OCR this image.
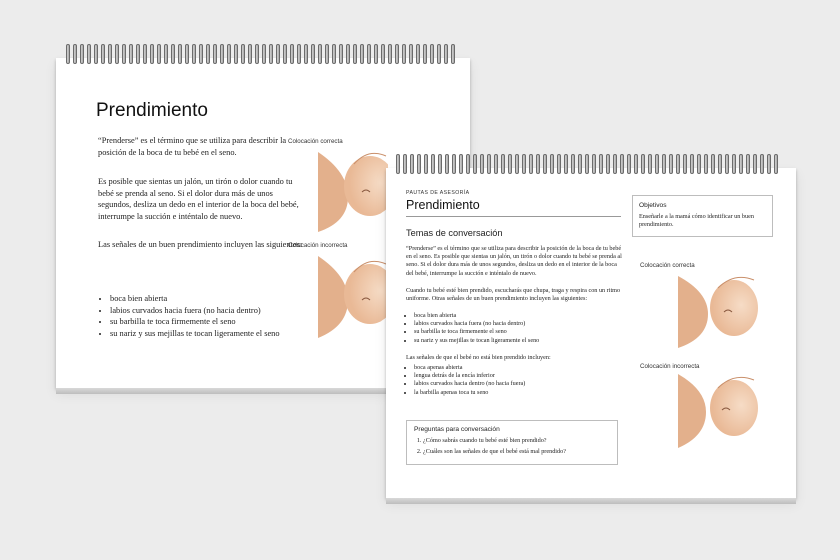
Prendimiento

“Prenderse” es el término que se utiliza para describir la posición de la boca de tu bebé en el seno.

Es posible que sientas un jalón, un tirón o dolor cuando tu bebé se prenda al seno. Si el dolor dura más de unos segundos, desliza un dedo en el interior de la boca del bebé, interrumpe la succión e inténtalo de nuevo.

Las señales de un buen prendimiento incluyen las siguientes:

• boca bien abierta
• labios curvados hacia fuera (no hacia dentro)
• su barbilla te toca firmemente el seno
• su nariz y sus mejillas te tocan ligeramente el seno
Colocación correcta
Colocación incorrecta
PAUTAS DE ASESORÍA
Prendimiento
Temas de conversación

“Prenderse” es el término que se utiliza para describir la posición de la boca de tu bebé en el seno. Es posible que sientas un jalón, un tirón o dolor cuando tu bebé se prenda al seno. Si el dolor dura más de unos segundos, desliza un dedo en el interior de la boca del bebé, interrumpe la succión e inténtalo de nuevo.

Cuando tu bebé esté bien prendido, escucharás que chupa, traga y respira con un ritmo uniforme. Otras señales de un buen prendimiento incluyen las siguientes:

• boca bien abierta
• labios curvados hacia fuera (no hacia dentro)
• su barbilla te toca firmemente el seno
• su nariz y sus mejillas te tocan ligeramente el seno

Las señales de que el bebé no está bien prendido incluyen:

• boca apenas abierta
• lengua detrás de la encía inferior
• labios curvados hacia dentro (no hacia fuera)
• la barbilla apenas toca tu seno
Objetivos
Enseñarle a la mamá cómo identificar un buen prendimiento.
Preguntas para conversación
1. ¿Cómo sabrás cuando tu bebé esté bien prendido?
2. ¿Cuáles son las señales de que el bebé está mal prendido?
Colocación correcta
Colocación incorrecta
